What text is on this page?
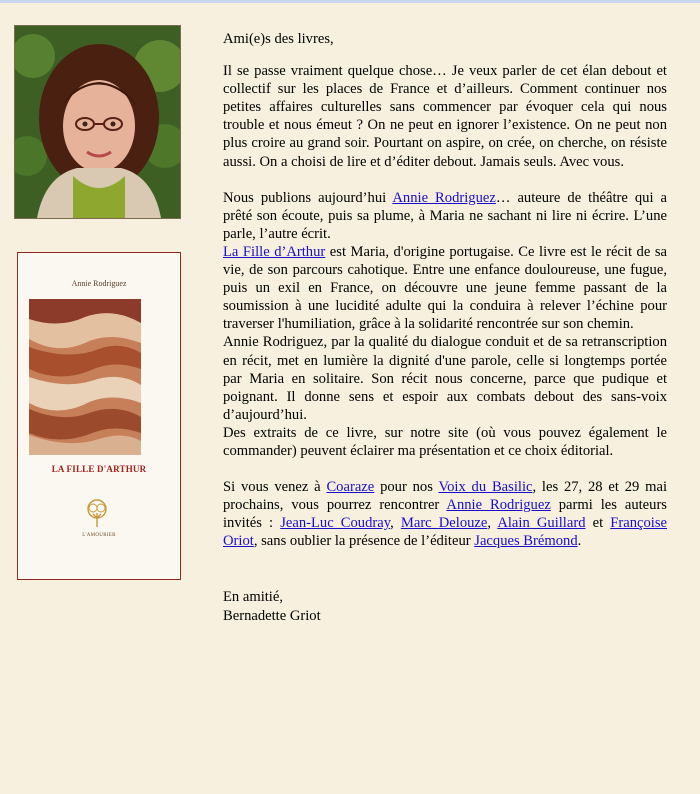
Annie Rodriguez
LA FILLE D'ARTHUR
L'AMOURIER

Ami(e)s des livres,

Il se passe vraiment quelque chose… Je veux parler de cet élan debout et collectif sur les places de France et d’ailleurs. Comment continuer nos petites affaires culturelles sans commencer par évoquer cela qui nous trouble et nous émeut ? On ne peut en ignorer l’existence. On ne peut non plus croire au grand soir. Pourtant on aspire, on crée, on cherche, on résiste aussi. On a choisi de lire et d’éditer debout. Jamais seuls. Avec vous.

Nous publions aujourd’hui Annie Rodriguez… auteure de théâtre qui a prêté son écoute, puis sa plume, à Maria ne sachant ni lire ni écrire. L’une parle, l’autre écrit.
La Fille d’Arthur est Maria, d'origine portugaise. Ce livre est le récit de sa vie, de son parcours cahotique. Entre une enfance douloureuse, une fugue, puis un exil en France, on découvre une jeune femme passant de la soumission à une lucidité adulte qui la conduira à relever l’échine pour traverser l'humiliation, grâce à la solidarité rencontrée sur son chemin.
Annie Rodriguez, par la qualité du dialogue conduit et de sa retranscription en récit, met en lumière la dignité d'une parole, celle si longtemps portée par Maria en solitaire. Son récit nous concerne, parce que pudique et poignant. Il donne sens et espoir aux combats debout des sans-voix d’aujourd’hui.
Des extraits de ce livre, sur notre site (où vous pouvez également le commander) peuvent éclairer ma présentation et ce choix éditorial.

Si vous venez à Coaraze pour nos Voix du Basilic, les 27, 28 et 29 mai prochains, vous pourrez rencontrer Annie Rodriguez parmi les auteurs invités : Jean-Luc Coudray, Marc Delouze, Alain Guillard et Françoise Oriot, sans oublier la présence de l’éditeur Jacques Brémond.

En amitié,

Bernadette Griot
